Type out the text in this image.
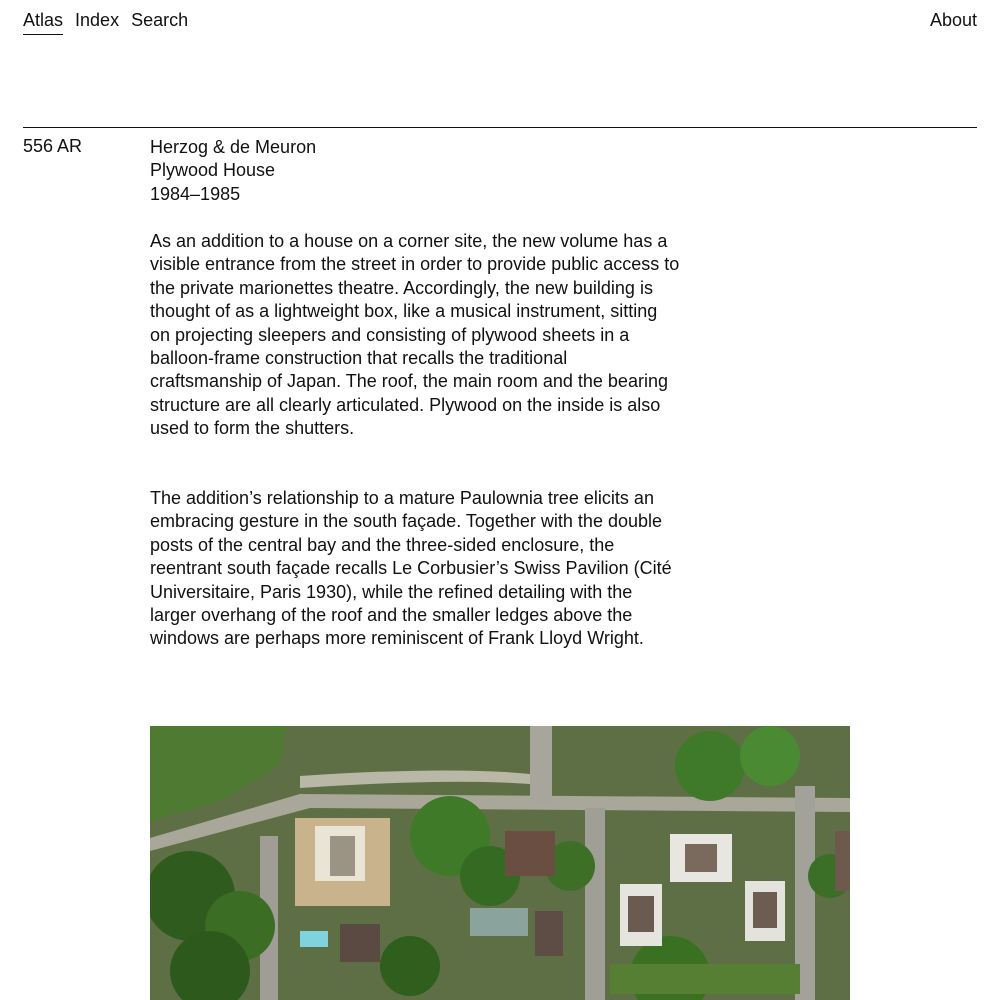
Atlas Index Search	About
556 AR	Herzog & de Meuron
Plywood House
1984–1985

As an addition to a house on a corner site, the new volume has a visible entrance from the street in order to provide public access to the private marionettes theatre. Accordingly, the new building is thought of as a lightweight box, like a musical instrument, sitting on projecting sleepers and consisting of plywood sheets in a balloon-frame construction that recalls the traditional craftsmanship of Japan. The roof, the main room and the bearing structure are all clearly articulated. Plywood on the inside is also used to form the shutters.

The addition’s relationship to a mature Paulownia tree elicits an embracing gesture in the south façade. Together with the double posts of the central bay and the three-sided enclosure, the reentrant south façade recalls Le Corbusier’s Swiss Pavilion (Cité Universitaire, Paris 1930), while the refined detailing with the larger overhang of the roof and the smaller ledges above the windows are perhaps more reminiscent of Frank Lloyd Wright.
